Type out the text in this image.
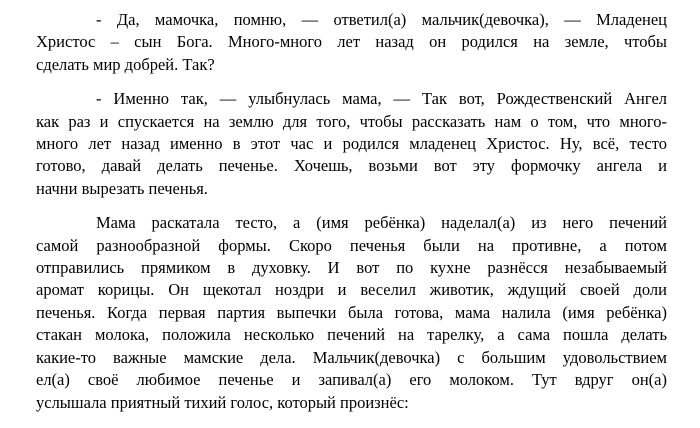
- Да, мамочка, помню, — ответил(а) мальчик(девочка), — Младенец
Христос – сын Бога. Много-много лет назад он родился на земле, чтобы
сделать мир добрей. Так?

- Именно так, — улыбнулась мама, — Так вот, Рождественский Ангел
как раз и спускается на землю для того, чтобы рассказать нам о том, что много-
много лет назад именно в этот час и родился младенец Христос. Ну, всё, тесто
готово, давай делать печенье. Хочешь, возьми вот эту формочку ангела и
начни вырезать печенья.

Мама раскатала тесто, а (имя ребёнка) наделал(а) из него печений
самой разнообразной формы. Скоро печенья были на противне, а потом
отправились прямиком в духовку. И вот по кухне разнёсся незабываемый
аромат корицы. Он щекотал ноздри и веселил животик, ждущий своей доли
печенья. Когда первая партия выпечки была готова, мама налила (имя ребёнка)
стакан молока, положила несколько печений на тарелку, а сама пошла делать
какие-то важные мамские дела. Мальчик(девочка) с большим удовольствием
ел(а) своё любимое печенье и запивал(а) его молоком. Тут вдруг он(а)
услышала приятный тихий голос, который произнёс:
